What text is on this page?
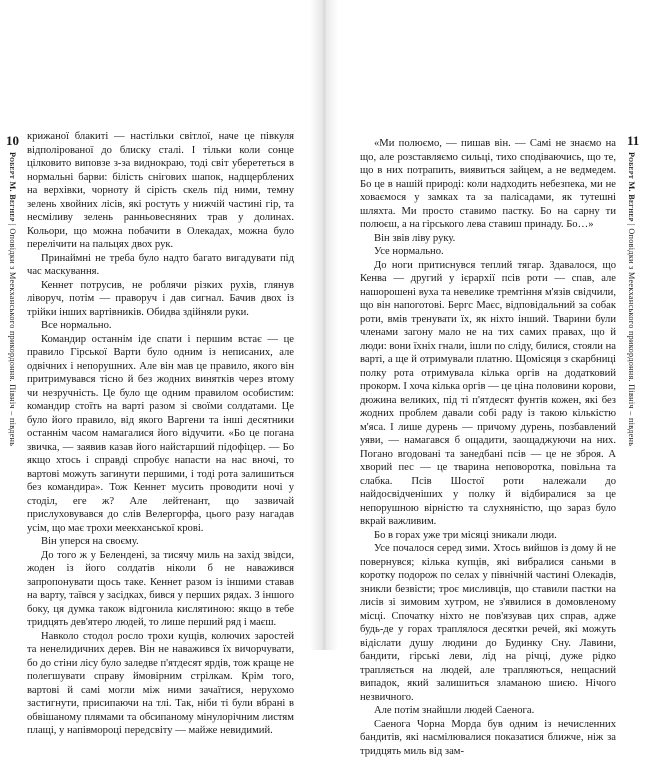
10
Роберт М. Вегнер | Оповідки з Меекханського прикордоння. Північ – південь

крижаної блакиті — настільки світлої, наче це півкуля відполірованої до блиску сталі. І тільки коли сонце цілковито виповзе з-за виднокраю, тоді світ уберететься в нормальні барви: білість снігових шапок, надщерблених на верхівки, чорноту й сірість скель під ними, темну зелень хвойних лісів, які ростуть у нижчій частині гір, та несміливу зелень ранньовесняних трав у долинах. Кольори, що можна побачити в Олекадах, можна було перелічити на пальцях двох рук.

Принаймні не треба було надто багато вигадувати під час маскування.

Кеннет потрусив, не роблячи різких рухів, глянув ліворуч, потім — праворуч і дав сигнал. Бачив двох із трійки інших вартівників. Обидва здійняли руки.

Все нормально.

Командир останнім іде спати і першим встає — це правило Гірської Варти було одним із неписаних, але одвічних і непорушних. Але він мав це правило, якого він притримувався тісно й без жодних винятків через втому чи незручність. Це було ще одним правилом особистим: командир стоїть на варті разом зі своїми солдатами. Це було його правило, від якого Варгени та інші десятники останнім часом намагалися його відучити. «Бо це погана звичка, — заявив казав його найстарший підофіцер. — Бо якщо хтось і справді спробує напасти на нас вночі, то вартові можуть загинути першими, і тоді рота залишиться без командира». Тож Кеннет мусить проводити ночі у стоділ, еге ж? Але лейтенант, що зазвичай прислуховувався до слів Велергорфа, цього разу нагадав усім, що має трохи меекханської крові.

Він уперся на своєму.

До того ж у Белендені, за тисячу миль на захід звідси, жоден із його солдатів ніколи б не наважився запропонувати щось таке. Кеннет разом із іншими ставав на варту, таївся у засідках, бився у перших рядах. З іншого боку, ця думка також відгонила кислятиною: якщо в тебе тридцять дев'ятеро людей, то лише перший ряд і маєш.

Навколо стодол росло трохи кущів, колючих заростей та ненелидичних дерев. Він не наважився їх вичорчувати, бо до стіни лісу було заледве п'ятдесят ярдів, тож краще не полегшувати справу ймовірним стрілкам. Крім того, вартові й самі могли між ними зачаїтися, нерухомо застигнути, присипаючи на тлі. Так, ніби ті були вбрані в обвішаному плямами та обсипаному мінулорічним листям плащі, у напівмороці передсвіту — майже невидимий.

11
Роберт М. Вегнер | Оповідки з Меекханського прикордоння. Північ – південь

«Ми полюємо, — пишав він. — Самі не знаємо на що, але розставляємо сильці, тихо сподіваючись, що те, що в них потрапить, виявиться зайцем, а не ведмедем. Бо це в нашій природі: коли надходить небезпека, ми не ховаємося у замках та за палісадами, як тутешні шляхта. Ми просто ставимо пастку. Бо на сарну ти полюєш, а на гірського лева ставиш принаду. Бо…»

Він звів ліву руку.

Усе нормально.

До ноги притиснувся теплий тягар. Здавалося, що Кенва — другий у ієрархії псів роти — спав, але нашорошені вуха та невелике тремтіння м'язів свідчили, що він напоготові. Бергс Маєс, відповідальний за собак роти, вмів тренувати їх, як ніхто інший. Тварини були членами загону мало не на тих самих правах, що й люди: вони їхніх гнали, ішли по сліду, билися, стояли на варті, а ще й отримували платню. Щомісяця з скарбниці полку рота отримувала кілька оргів на додатковий прокорм. І хоча кілька оргів — це ціна половини корови, дюжина великих, під ті п'ятдесят фунтів кожен, які без жодних проблем давали собі раду із такою кількістю м'яса. І лише дурень — причому дурень, позбавлений уяви, — намагався б ощадити, заощаджуючи на них. Погано вгодовані та занедбані псів — це не зброя. А хворий пес — це тварина неповоротка, повільна та слабка. Псів Шостої роти належали до найдосвідченіших у полку й відбиралися за це непорушною вірністю та слухняністю, що зараз було вкрай важливим.

Бо в горах уже три місяці зникали люди.

Усе почалося серед зими. Хтось вийшов із дому й не повернувся; кілька купців, які вибралися саньми в коротку подорож по селах у північній частині Олекадів, зникли безвісти; троє мисливців, що ставили пастки на лисів зі зимовим хутром, не з'явилися в домовленому місці. Спочатку ніхто не пов'язував цих справ, адже будь-де у горах траплялося десятки речей, які можуть відіслати душу людини до Будинку Сну. Лавини, бандити, гірські леви, лід на річці, дуже рідко трапляється на людей, але трапляються, нещасний випадок, який залишиться зламаною шиєю. Нічого незвичного.

Але потім знайшли людей Саенога.

Саенога Чорна Морда був одним із нечисленних бандитів, які насмілювалися показатися ближче, ніж за тридцять миль від зам-
